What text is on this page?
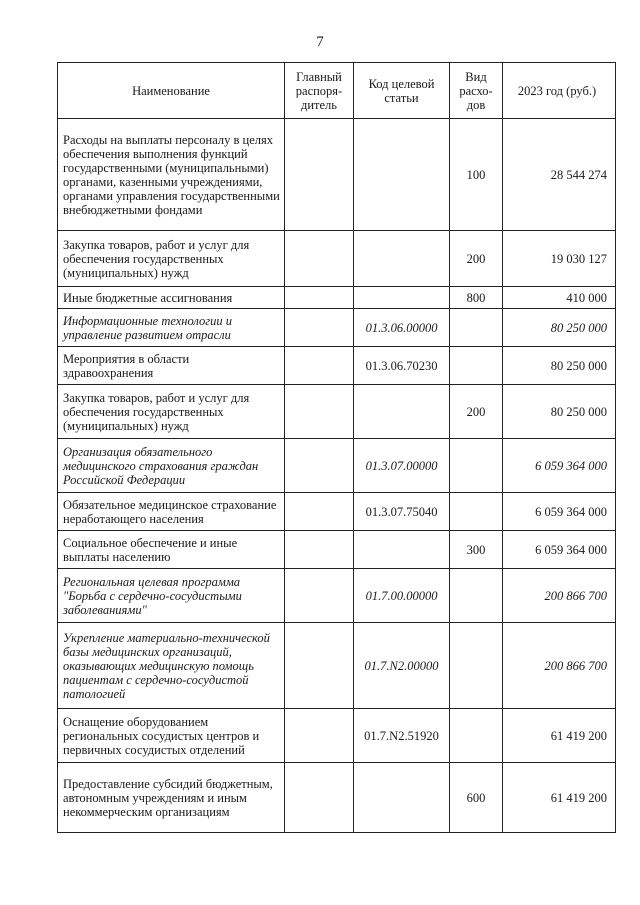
7
Наименование	Главный распоря-дитель	Код целевой статьи	Вид расхо-дов	2023 год (руб.)
Расходы на выплаты персоналу в целях обеспечения выполнения функций государственными (муниципальными) органами, казенными учреждениями, органами управления государственными внебюджетными фондами			100	28 544 274
Закупка товаров, работ и услуг для обеспечения государственных (муниципальных) нужд			200	19 030 127
Иные бюджетные ассигнования			800	410 000
Информационные технологии и управление развитием отрасли		01.3.06.00000		80 250 000
Мероприятия в области здравоохранения		01.3.06.70230		80 250 000
Закупка товаров, работ и услуг для обеспечения государственных (муниципальных) нужд			200	80 250 000
Организация обязательного медицинского страхования граждан Российской Федерации		01.3.07.00000		6 059 364 000
Обязательное медицинское страхование неработающего населения		01.3.07.75040		6 059 364 000
Социальное обеспечение и иные выплаты населению			300	6 059 364 000
Региональная целевая программа "Борьба с сердечно-сосудистыми заболеваниями"		01.7.00.00000		200 866 700
Укрепление материально-технической базы медицинских организаций, оказывающих медицинскую помощь пациентам с сердечно-сосудистой патологией		01.7.N2.00000		200 866 700
Оснащение оборудованием региональных сосудистых центров и первичных сосудистых отделений		01.7.N2.51920		61 419 200
Предоставление субсидий бюджетным, автономным учреждениям и иным некоммерческим организациям			600	61 419 200
